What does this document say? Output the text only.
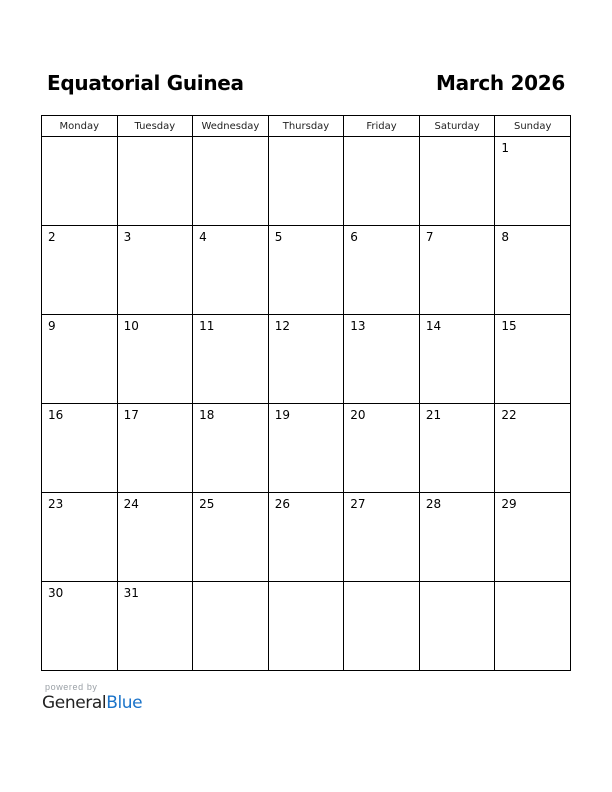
Equatorial Guinea	March 2026
Monday	Tuesday	Wednesday	Thursday	Friday	Saturday	Sunday

						1

2	3	4	5	6	7	8

9	10	11	12	13	14	15

16	17	18	19	20	21	22

23	24	25	26	27	28	29

30	31					

powered by
GeneralBlue
